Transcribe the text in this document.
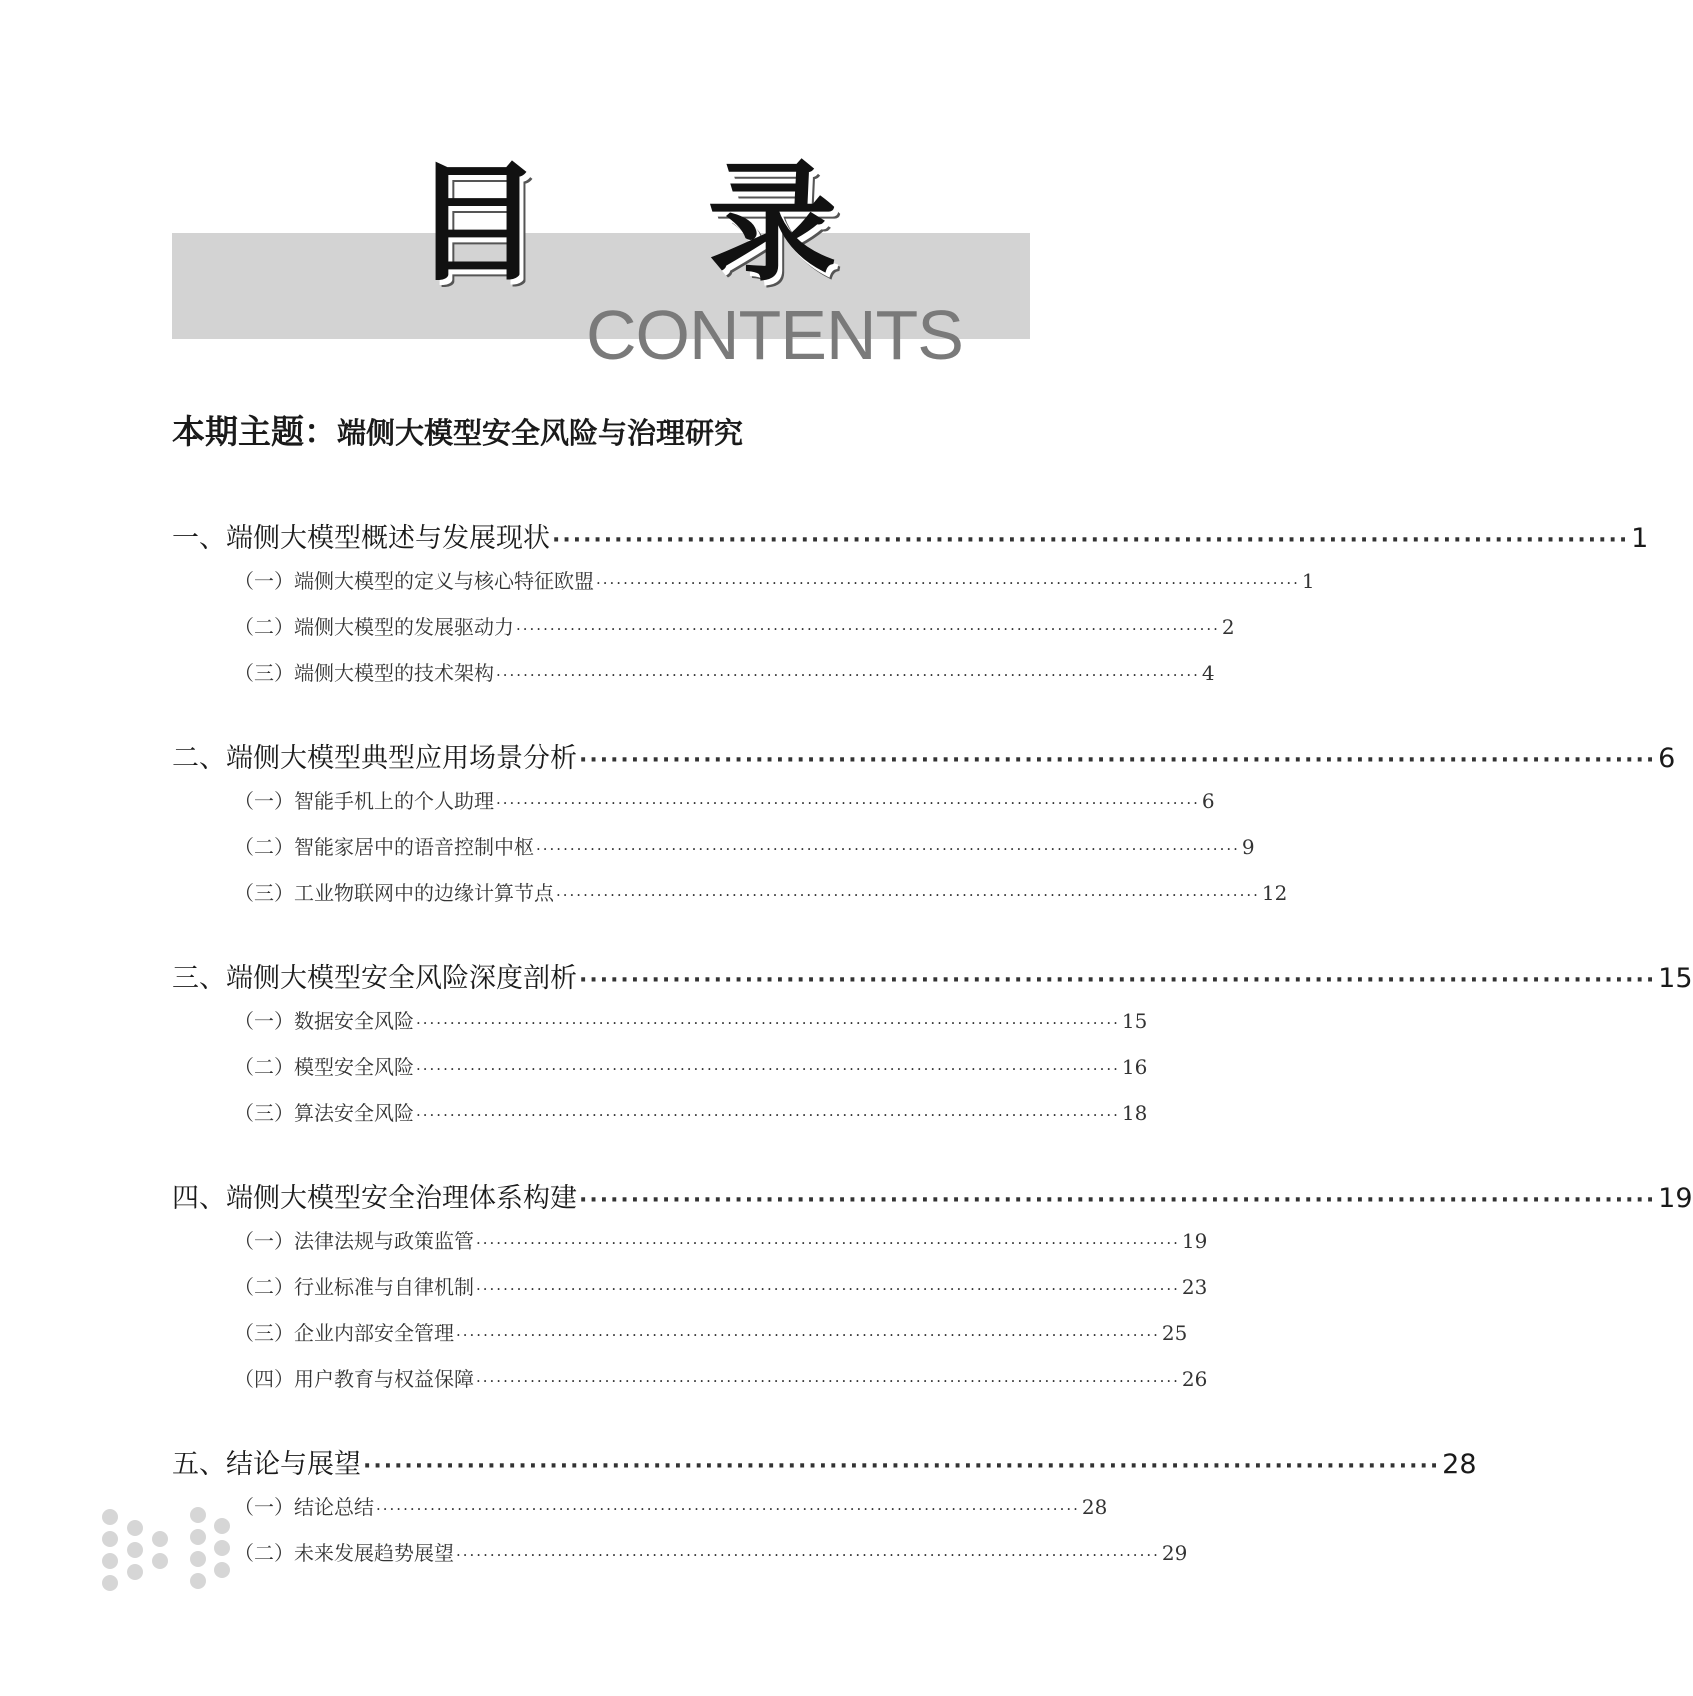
目 录
CONTENTS
本期主题：端侧大模型安全风险与治理研究
一、端侧大模型概述与发展现状 ········································································································ 1
（一）端侧大模型的定义与核心特征欧盟 ········································································································ 1
（二）端侧大模型的发展驱动力 ········································································································ 2
（三）端侧大模型的技术架构 ········································································································ 4
二、端侧大模型典型应用场景分析 ········································································································ 6
（一）智能手机上的个人助理 ········································································································ 6
（二）智能家居中的语音控制中枢 ········································································································ 9
（三）工业物联网中的边缘计算节点 ········································································································ 12
三、端侧大模型安全风险深度剖析 ········································································································ 15
（一）数据安全风险 ········································································································ 15
（二）模型安全风险 ········································································································ 16
（三）算法安全风险 ········································································································ 18
四、端侧大模型安全治理体系构建 ········································································································ 19
（一）法律法规与政策监管 ········································································································ 19
（二）行业标准与自律机制 ········································································································ 23
（三）企业内部安全管理 ········································································································ 25
（四）用户教育与权益保障 ········································································································ 26
五、结论与展望 ········································································································ 28
（一）结论总结 ········································································································ 28
（二）未来发展趋势展望 ········································································································ 29
